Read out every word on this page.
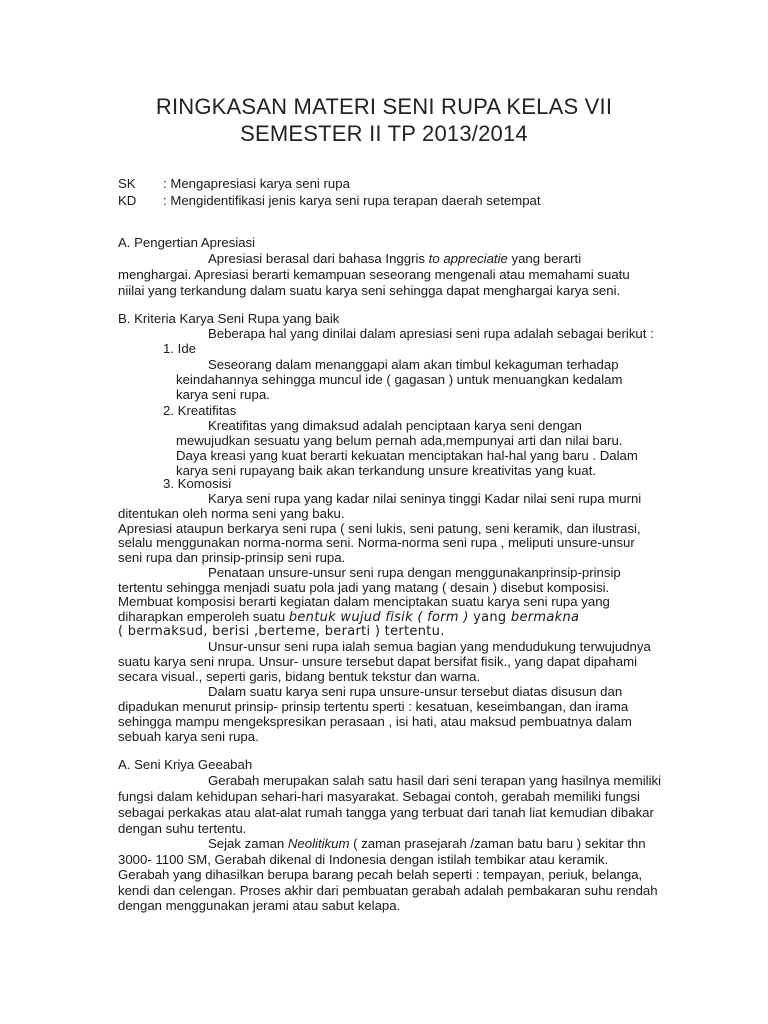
RINGKASAN MATERI SENI RUPA KELAS VII
SEMESTER II TP 2013/2014
SK : Mengapresiasi karya seni rupa
KD : Mengidentifikasi jenis karya seni rupa terapan daerah setempat
A. Pengertian Apresiasi
Apresiasi berasal dari bahasa Inggris to appreciatie yang berarti
menghargai. Apresiasi berarti kemampuan seseorang mengenali atau memahami suatu
niilai yang terkandung dalam suatu karya seni sehingga dapat menghargai karya seni.
B. Kriteria Karya Seni Rupa yang baik
Beberapa hal yang dinilai dalam apresiasi seni rupa adalah sebagai berikut :
1. Ide
Seseorang dalam menanggapi alam akan timbul kekaguman terhadap
keindahannya sehingga muncul ide ( gagasan ) untuk menuangkan kedalam
karya seni rupa.
2. Kreatifitas
Kreatifitas yang dimaksud adalah penciptaan karya seni dengan
mewujudkan sesuatu yang belum pernah ada,mempunyai arti dan nilai baru.
Daya kreasi yang kuat berarti kekuatan menciptakan hal-hal yang baru . Dalam
karya seni rupayang baik akan terkandung unsure kreativitas yang kuat.
3. Komosisi
Karya seni rupa yang kadar nilai seninya tinggi Kadar nilai seni rupa murni
ditentukan oleh norma seni yang baku.
Apresiasi ataupun berkarya seni rupa ( seni lukis, seni patung, seni keramik, dan ilustrasi,
selalu menggunakan norma-norma seni. Norma-norma seni rupa , meliputi unsure-unsur
seni rupa dan prinsip-prinsip seni rupa.
Penataan unsure-unsur seni rupa dengan menggunakanprinsip-prinsip
tertentu sehingga menjadi suatu pola jadi yang matang ( desain ) disebut komposisi.
Membuat komposisi berarti kegiatan dalam menciptakan suatu karya seni rupa yang
diharapkan emperoleh suatu bentuk wujud fisik ( form ) yang bermakna
( bermaksud, berisi ,berteme, berarti ) tertentu.
Unsur-unsur seni rupa ialah semua bagian yang mendudukung terwujudnya
suatu karya seni nrupa. Unsur- unsure tersebut dapat bersifat fisik., yang dapat dipahami
secara visual., seperti garis, bidang bentuk tekstur dan warna.
Dalam suatu karya seni rupa unsure-unsur tersebut diatas disusun dan
dipadukan menurut prinsip- prinsip tertentu sperti : kesatuan, keseimbangan, dan irama
sehingga mampu mengekspresikan perasaan , isi hati, atau maksud pembuatnya dalam
sebuah karya seni rupa.
A. Seni Kriya Geeabah
Gerabah merupakan salah satu hasil dari seni terapan yang hasilnya memiliki
fungsi dalam kehidupan sehari-hari masyarakat. Sebagai contoh, gerabah memiliki fungsi
sebagai perkakas atau alat-alat rumah tangga yang terbuat dari tanah liat kemudian dibakar
dengan suhu tertentu.
Sejak zaman Neolitikum ( zaman prasejarah /zaman batu baru ) sekitar thn
3000- 1100 SM, Gerabah dikenal di Indonesia dengan istilah tembikar atau keramik.
Gerabah yang dihasilkan berupa barang pecah belah seperti : tempayan, periuk, belanga,
kendi dan celengan. Proses akhir dari pembuatan gerabah adalah pembakaran suhu rendah
dengan menggunakan jerami atau sabut kelapa.
